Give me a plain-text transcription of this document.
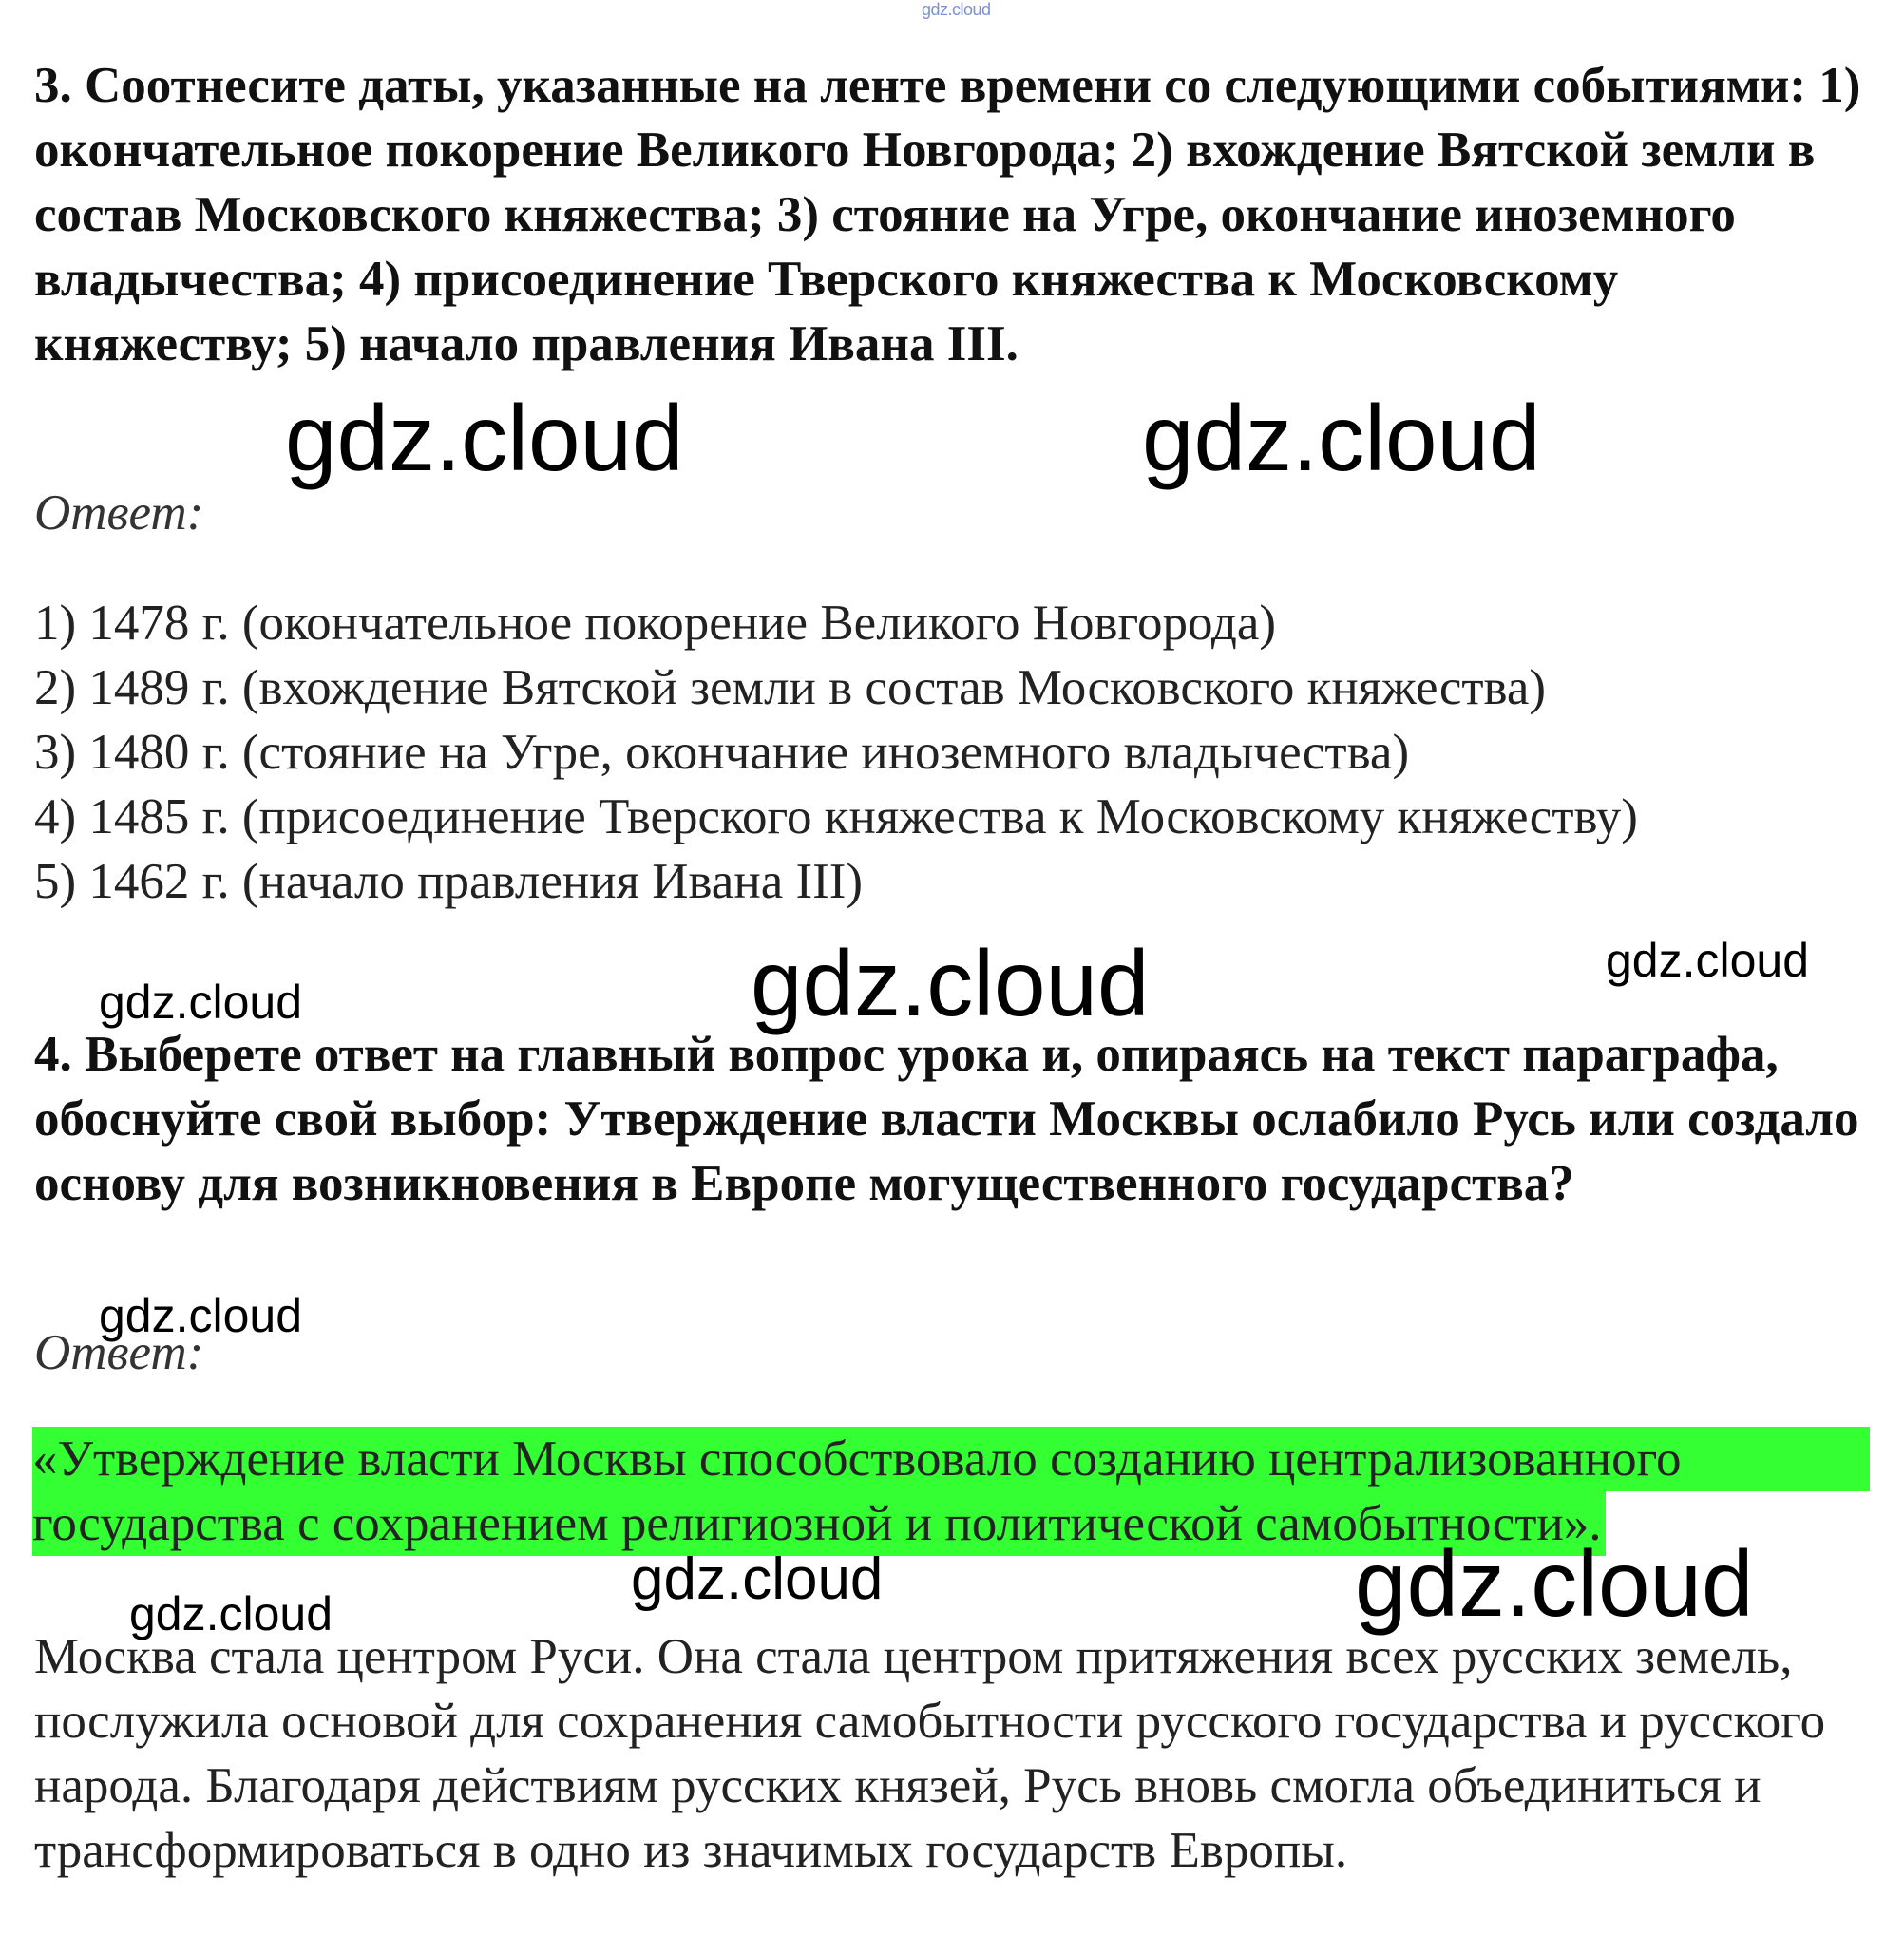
gdz.cloud

3. Соотнесите даты, указанные на ленте времени со следующими событиями: 1) окончательное покорение Великого Новгорода; 2) вхождение Вятской земли в состав Московского княжества; 3) стояние на Угре, окончание иноземного владычества; 4) присоединение Тверского княжества к Московскому княжеству; 5) начало правления Ивана III.

gdz.cloud	gdz.cloud

Ответ:

1) 1478 г. (окончательное покорение Великого Новгорода)
2) 1489 г. (вхождение Вятской земли в состав Московского княжества)
3) 1480 г. (стояние на Угре, окончание иноземного владычества)
4) 1485 г. (присоединение Тверского княжества к Московскому княжеству)
5) 1462 г. (начало правления Ивана III)
gdz.cloud	gdz.cloud	gdz.cloud

4. Выберете ответ на главный вопрос урока и, опираясь на текст параграфа, обоснуйте свой выбор: Утверждение власти Москвы ослабило Русь или создало основу для возникновения в Европе могущественного государства?

gdz.cloud

Ответ:

«Утверждение власти Москвы способствовало созданию централизованного
государства с сохранением религиозной и политической самобытности».
gdz.cloud	gdz.cloud
gdz.cloud

Москва стала центром Руси. Она стала центром притяжения всех русских земель, послужила основой для сохранения самобытности русского государства и русского народа. Благодаря действиям русских князей, Русь вновь смогла объединиться и трансформироваться в одно из значимых государств Европы.
